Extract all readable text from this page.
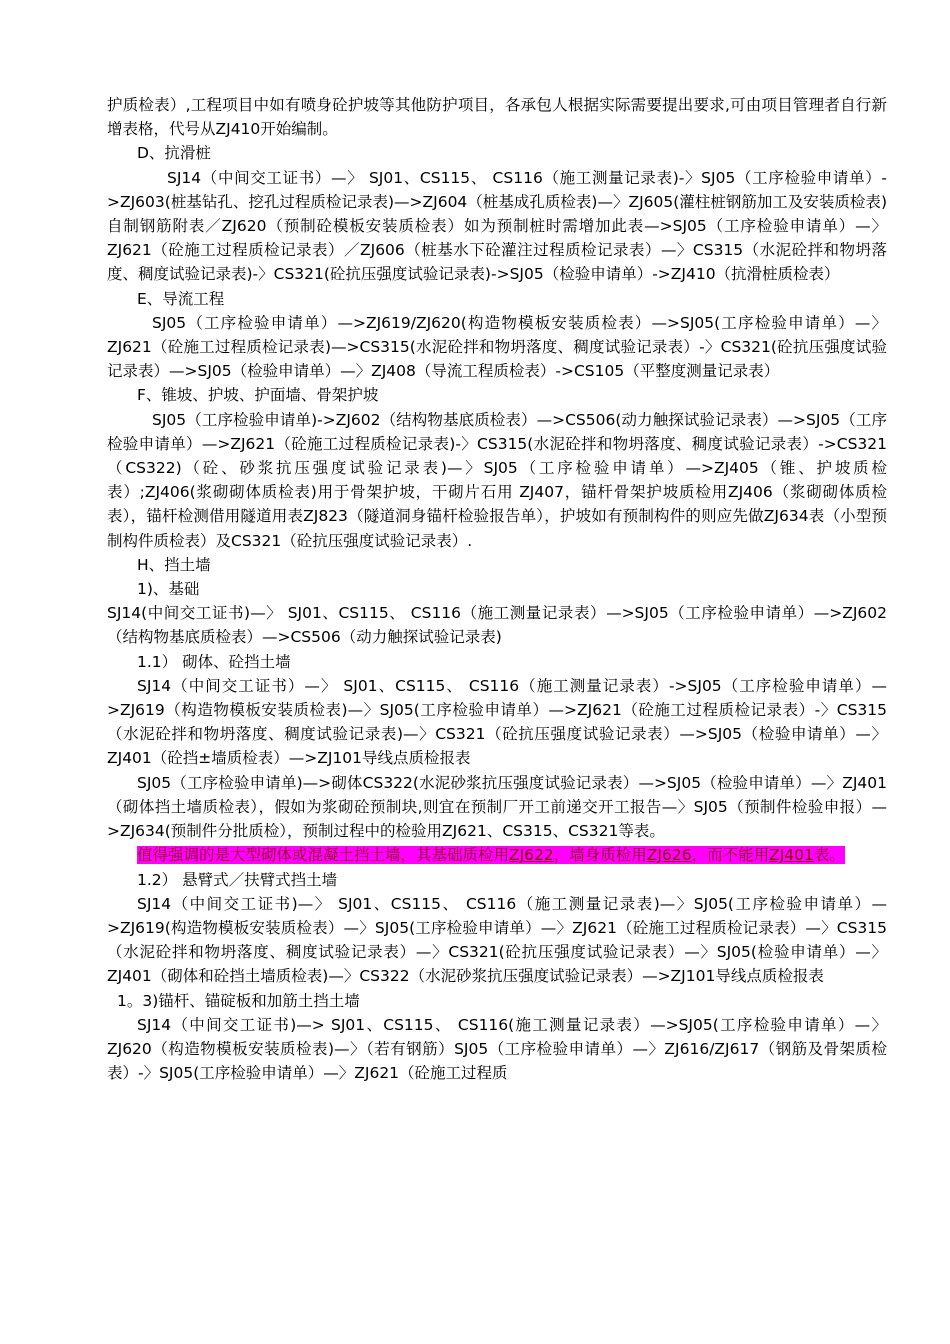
护质检表）,工程项目中如有喷身砼护坡等其他防护项目，各承包人根据实际需要提出要求,可由项目管理者自行新增表格，代号从ZJ410开始编制。

D、抗滑桩

SJ14（中间交工证书）—〉 SJ01、CS115、 CS116（施工测量记录表)-〉SJ05（工序检验申请单）->ZJ603(桩基钻孔、挖孔过程质检记录表)—>ZJ604（桩基成孔质检表)—〉ZJ605(灌柱桩钢筋加工及安装质检表)自制钢筋附表／ZJ620（预制砼模板安装质检表）如为预制桩时需增加此表—>SJ05（工序检验申请单）—〉ZJ621（砼施工过程质检记录表）／ZJ606（桩基水下砼灌注过程质检记录表）—〉CS315（水泥砼拌和物坍落度、稠度试验记录表)-〉CS321(砼抗压强度试验记录表)->SJ05（检验申请单）->ZJ410（抗滑桩质检表）

E、导流工程

SJ05（工序检验申请单）—>ZJ619/ZJ620(构造物模板安装质检表）—>SJ05(工序检验申请单）—〉ZJ621（砼施工过程质检记录表)—>CS315(水泥砼拌和物坍落度、稠度试验记录表）-〉CS321(砼抗压强度试验记录表）—>SJ05（检验申请单）—〉ZJ408（导流工程质检表）->CS105（平整度测量记录表）

F、锥坡、护坡、护面墙、骨架护坡

SJ05（工序检验申请单)->ZJ602（结构物基底质检表）—>CS506(动力触探试验记录表）—>SJ05（工序检验申请单）—>ZJ621（砼施工过程质检记录表)-〉CS315(水泥砼拌和物坍落度、稠度试验记录表）->CS321（CS322)（砼、砂浆抗压强度试验记录表)—〉SJ05（工序检验申请单）—>ZJ405（锥、护坡质检表）;ZJ406(浆砌砌体质检表)用于骨架护坡，干砌片石用 ZJ407，锚杆骨架护坡质检用ZJ406（浆砌砌体质检表），锚杆检测借用隧道用表ZJ823（隧道洞身锚杆检验报告单），护坡如有预制构件的则应先做ZJ634表（小型预制构件质检表）及CS321（砼抗压强度试验记录表）.

H、挡土墙

1)、基础

SJ14(中间交工证书)—〉 SJ01、CS115、 CS116（施工测量记录表）—>SJ05（工序检验申请单）—>ZJ602（结构物基底质检表）—>CS506（动力触探试验记录表)

1.1） 砌体、砼挡土墙

SJ14（中间交工证书）—〉 SJ01、CS115、 CS116（施工测量记录表）->SJ05（工序检验申请单）—>ZJ619（构造物模板安装质检表)—〉SJ05(工序检验申请单）—>ZJ621（砼施工过程质检记录表）-〉CS315（水泥砼拌和物坍落度、稠度试验记录表)—〉CS321（砼抗压强度试验记录表）—>SJ05（检验申请单）—〉ZJ401（砼挡±墙质检表）—>ZJ101导线点质检报表

SJ05（工序检验申请单)—>砌体CS322(水泥砂浆抗压强度试验记录表）—>SJ05（检验申请单）—〉ZJ401（砌体挡土墙质检表），假如为浆砌砼预制块,则宜在预制厂开工前递交开工报告—〉SJ05（预制件检验申报）—>ZJ634(预制件分批质检），预制过程中的检验用ZJ621、CS315、CS321等表。

值得强调的是大型砌体或混凝土挡土墙，其基础质检用ZJ622，墙身质检用ZJ626，而不能用ZJ401表。

1.2） 悬臂式／扶臂式挡土墙

SJ14（中间交工证书)—〉 SJ01、CS115、 CS116（施工测量记录表)—〉SJ05(工序检验申请单）—>ZJ619(构造物模板安装质检表）—〉SJ05(工序检验申请单）—〉ZJ621（砼施工过程质检记录表）—〉CS315（水泥砼拌和物坍落度、稠度试验记录表）—〉CS321(砼抗压强度试验记录表）—〉SJ05(检验申请单）—〉ZJ401（砌体和砼挡土墙质检表)—〉CS322（水泥砂浆抗压强度试验记录表）—>ZJ101导线点质检报表

1。3)锚杆、锚碇板和加筋土挡土墙

SJ14（中间交工证书)—> SJ01、CS115、 CS116(施工测量记录表）—>SJ05(工序检验申请单）—〉ZJ620（构造物模板安装质检表)—〉（若有钢筋）SJ05（工序检验申请单）—〉ZJ616/ZJ617（钢筋及骨架质检表）-〉SJ05(工序检验申请单）—〉ZJ621（砼施工过程质
